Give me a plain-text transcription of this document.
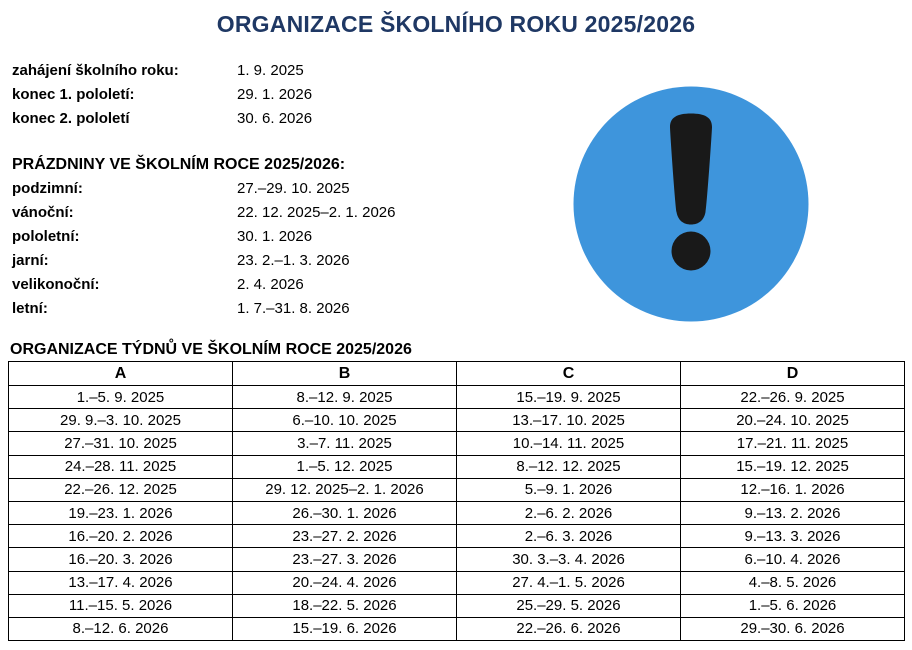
ORGANIZACE ŠKOLNÍHO ROKU 2025/2026
zahájení školního roku:	1. 9. 2025
konec 1. pololetí:	29. 1. 2026
konec 2. pololetí	30. 6. 2026
PRÁZDNINY VE ŠKOLNÍM ROCE 2025/2026:
podzimní:	27.–29. 10. 2025
vánoční:	22. 12. 2025–2. 1. 2026
pololetní:	30. 1. 2026
jarní:	23. 2.–1. 3. 2026
velikonoční:	2. 4. 2026
letní:	1. 7.–31. 8. 2026
ORGANIZACE TÝDNŮ VE ŠKOLNÍM ROCE 2025/2026
A	B	C	D
1.–5. 9. 2025	8.–12. 9. 2025	15.–19. 9. 2025	22.–26. 9. 2025
29. 9.–3. 10. 2025	6.–10. 10. 2025	13.–17. 10. 2025	20.–24. 10. 2025
27.–31. 10. 2025	3.–7. 11. 2025	10.–14. 11. 2025	17.–21. 11. 2025
24.–28. 11. 2025	1.–5. 12. 2025	8.–12. 12. 2025	15.–19. 12. 2025
22.–26. 12. 2025	29. 12. 2025–2. 1. 2026	5.–9. 1. 2026	12.–16. 1. 2026
19.–23. 1. 2026	26.–30. 1. 2026	2.–6. 2. 2026	9.–13. 2. 2026
16.–20. 2. 2026	23.–27. 2. 2026	2.–6. 3. 2026	9.–13. 3. 2026
16.–20. 3. 2026	23.–27. 3. 2026	30. 3.–3. 4. 2026	6.–10. 4. 2026
13.–17. 4. 2026	20.–24. 4. 2026	27. 4.–1. 5. 2026	4.–8. 5. 2026
11.–15. 5. 2026	18.–22. 5. 2026	25.–29. 5. 2026	1.–5. 6. 2026
8.–12. 6. 2026	15.–19. 6. 2026	22.–26. 6. 2026	29.–30. 6. 2026
